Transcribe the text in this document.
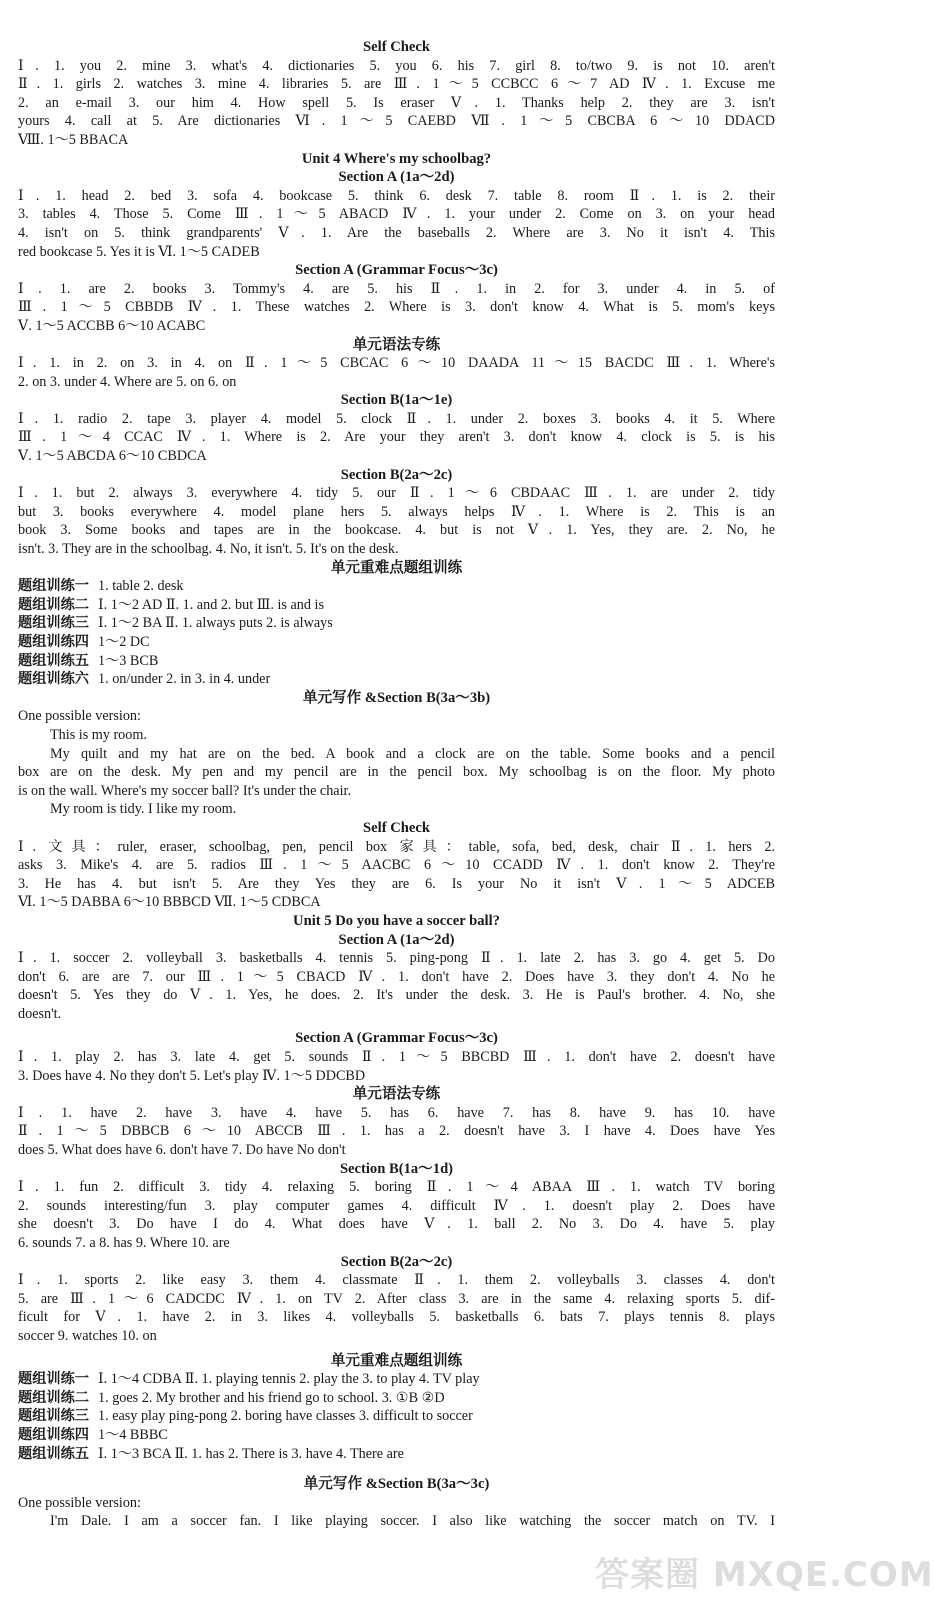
Self Check
Ⅰ. 1. you 2. mine 3. what's 4. dictionaries 5. you 6. his 7. girl 8. to/two 9. is not 10. aren't
Ⅱ. 1. girls 2. watches 3. mine 4. libraries 5. are Ⅲ. 1～5 CCBCC 6～7 AD Ⅳ. 1. Excuse me
2. an e-mail 3. our him 4. How spell 5. Is eraser Ⅴ. 1. Thanks help 2. they are 3. isn't
yours 4. call at 5. Are dictionaries Ⅵ. 1～5 CAEBD Ⅶ. 1～5 CBCBA 6～10 DDACD
Ⅷ. 1～5 BBACA
Unit 4 Where's my schoolbag?
Section A (1a～2d)
Ⅰ. 1. head 2. bed 3. sofa 4. bookcase 5. think 6. desk 7. table 8. room Ⅱ. 1. is 2. their
3. tables 4. Those 5. Come Ⅲ. 1～5 ABACD Ⅳ. 1. your under 2. Come on 3. on your head
4. isn't on 5. think grandparents' Ⅴ. 1. Are the baseballs 2. Where are 3. No it isn't 4. This
red bookcase 5. Yes it is Ⅵ. 1～5 CADEB
Section A (Grammar Focus～3c)
Ⅰ. 1. are 2. books 3. Tommy's 4. are 5. his Ⅱ. 1. in 2. for 3. under 4. in 5. of
Ⅲ. 1～5 CBBDB Ⅳ. 1. These watches 2. Where is 3. don't know 4. What is 5. mom's keys
Ⅴ. 1～5 ACCBB 6～10 ACABC
单元语法专练
Ⅰ. 1. in 2. on 3. in 4. on Ⅱ. 1～5 CBCAC 6～10 DAADA 11～15 BACDC Ⅲ. 1. Where's
2. on 3. under 4. Where are 5. on 6. on
Section B(1a～1e)
Ⅰ. 1. radio 2. tape 3. player 4. model 5. clock Ⅱ. 1. under 2. boxes 3. books 4. it 5. Where
Ⅲ. 1～4 CCAC Ⅳ. 1. Where is 2. Are your they aren't 3. don't know 4. clock is 5. is his
Ⅴ. 1～5 ABCDA 6～10 CBDCA
Section B(2a～2c)
Ⅰ. 1. but 2. always 3. everywhere 4. tidy 5. our Ⅱ. 1～6 CBDAAC Ⅲ. 1. are under 2. tidy
but 3. books everywhere 4. model plane hers 5. always helps Ⅳ. 1. Where is 2. This is an
book 3. Some books and tapes are in the bookcase. 4. but is not Ⅴ. 1. Yes, they are. 2. No, he
isn't. 3. They are in the schoolbag. 4. No, it isn't. 5. It's on the desk.
单元重难点题组训练
题组训练一 1. table 2. desk
题组训练二 Ⅰ. 1～2 AD Ⅱ. 1. and 2. but Ⅲ. is and is
题组训练三 Ⅰ. 1～2 BA Ⅱ. 1. always puts 2. is always
题组训练四 1～2 DC
题组训练五 1～3 BCB
题组训练六 1. on/under 2. in 3. in 4. under
单元写作 &Section B(3a～3b)
One possible version:
This is my room.
My quilt and my hat are on the bed. A book and a clock are on the table. Some books and a pencil
box are on the desk. My pen and my pencil are in the pencil box. My schoolbag is on the floor. My photo
is on the wall. Where's my soccer ball? It's under the chair.
My room is tidy. I like my room.
Self Check
Ⅰ. 文具：ruler, eraser, schoolbag, pen, pencil box 家具：table, sofa, bed, desk, chair Ⅱ. 1. hers 2.
asks 3. Mike's 4. are 5. radios Ⅲ. 1～5 AACBC 6～10 CCADD Ⅳ. 1. don't know 2. They're
3. He has 4. but isn't 5. Are they Yes they are 6. Is your No it isn't Ⅴ. 1～5 ADCEB
Ⅵ. 1～5 DABBA 6～10 BBBCD Ⅶ. 1～5 CDBCA
Unit 5 Do you have a soccer ball?
Section A (1a～2d)
Ⅰ. 1. soccer 2. volleyball 3. basketballs 4. tennis 5. ping-pong Ⅱ. 1. late 2. has 3. go 4. get 5. Do
don't 6. are are 7. our Ⅲ. 1～5 CBACD Ⅳ. 1. don't have 2. Does have 3. they don't 4. No he
doesn't 5. Yes they do Ⅴ. 1. Yes, he does. 2. It's under the desk. 3. He is Paul's brother. 4. No, she
doesn't.
Section A (Grammar Focus～3c)
Ⅰ. 1. play 2. has 3. late 4. get 5. sounds Ⅱ. 1～5 BBCBD Ⅲ. 1. don't have 2. doesn't have
3. Does have 4. No they don't 5. Let's play Ⅳ. 1～5 DDCBD
单元语法专练
Ⅰ. 1. have 2. have 3. have 4. have 5. has 6. have 7. has 8. have 9. has 10. have
Ⅱ. 1～5 DBBCB 6～10 ABCCB Ⅲ. 1. has a 2. doesn't have 3. I have 4. Does have Yes
does 5. What does have 6. don't have 7. Do have No don't
Section B(1a～1d)
Ⅰ. 1. fun 2. difficult 3. tidy 4. relaxing 5. boring Ⅱ. 1～4 ABAA Ⅲ. 1. watch TV boring
2. sounds interesting/fun 3. play computer games 4. difficult Ⅳ. 1. doesn't play 2. Does have
she doesn't 3. Do have I do 4. What does have Ⅴ. 1. ball 2. No 3. Do 4. have 5. play
6. sounds 7. a 8. has 9. Where 10. are
Section B(2a～2c)
Ⅰ. 1. sports 2. like easy 3. them 4. classmate Ⅱ. 1. them 2. volleyballs 3. classes 4. don't
5. are Ⅲ. 1～6 CADCDC Ⅳ. 1. on TV 2. After class 3. are in the same 4. relaxing sports 5. dif-
ficult for Ⅴ. 1. have 2. in 3. likes 4. volleyballs 5. basketballs 6. bats 7. plays tennis 8. plays
soccer 9. watches 10. on
单元重难点题组训练
题组训练一 Ⅰ. 1～4 CDBA Ⅱ. 1. playing tennis 2. play the 3. to play 4. TV play
题组训练二 1. goes 2. My brother and his friend go to school. 3. ①B ②D
题组训练三 1. easy play ping-pong 2. boring have classes 3. difficult to soccer
题组训练四 1～4 BBBC
题组训练五 Ⅰ. 1～3 BCA Ⅱ. 1. has 2. There is 3. have 4. There are
单元写作 &Section B(3a～3c)
One possible version:
I'm Dale. I am a soccer fan. I like playing soccer. I also like watching the soccer match on TV. I
答案圈 MXQE.COM
